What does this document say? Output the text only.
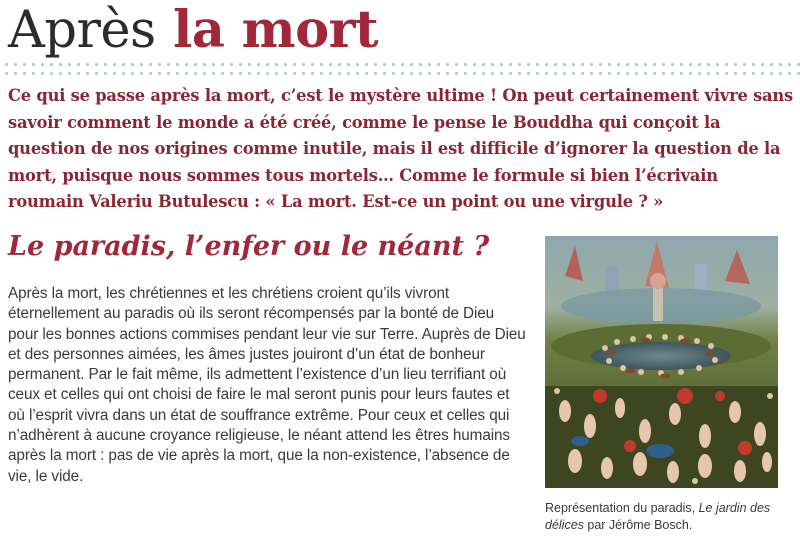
Après la mort

Ce qui se passe après la mort, c’est le mystère ultime ! On peut certainement vivre sans savoir comment le monde a été créé, comme le pense le Bouddha qui conçoit la question de nos origines comme inutile, mais il est difficile d’ignorer la question de la mort, puisque nous sommes tous mortels… Comme le formule si bien l’écrivain roumain Valeriu Butulescu : « La mort. Est-ce un point ou une virgule ? »

Le paradis, l’enfer ou le néant ?

Après la mort, les chrétiennes et les chrétiens croient qu’ils vivront éternellement au paradis où ils seront récompensés par la bonté de Dieu pour les bonnes actions commises pendant leur vie sur Terre. Auprès de Dieu et des personnes aimées, les âmes justes jouiront d’un état de bonheur permanent. Par le fait même, ils admettent l’existence d’un lieu terrifiant où ceux et celles qui ont choisi de faire le mal seront punis pour leurs fautes et où l’esprit vivra dans un état de souffrance extrême. Pour ceux et celles qui n’adhèrent à aucune croyance religieuse, le néant attend les êtres humains après la mort : pas de vie après la mort, que la non-existence, l’absence de vie, le vide.

Représentation du paradis, Le jardin des délices par Jérôme Bosch.
